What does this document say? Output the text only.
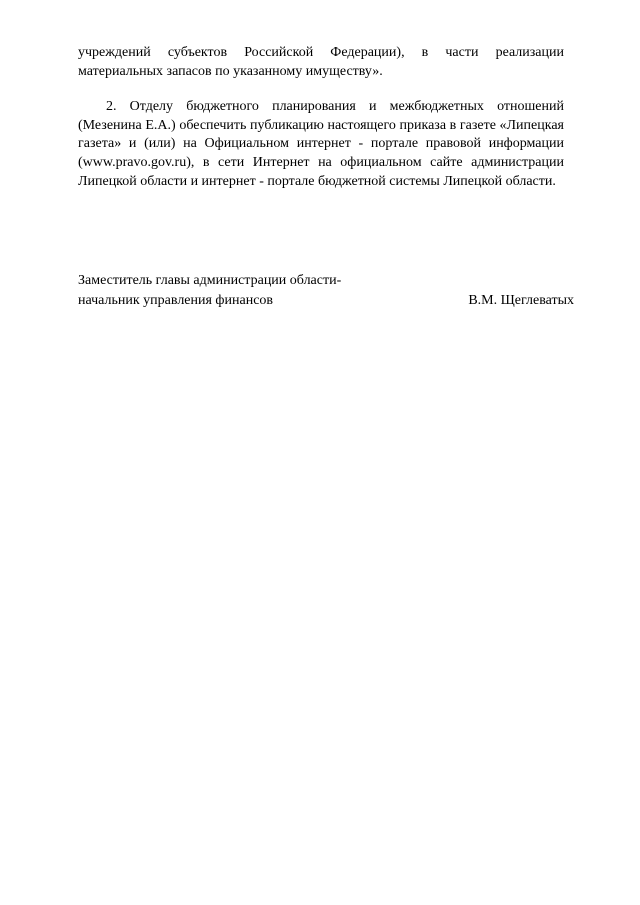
учреждений субъектов Российской Федерации), в части реализации материальных запасов по указанному имуществу».

2. Отделу бюджетного планирования и межбюджетных отношений (Мезенина Е.А.) обеспечить публикацию настоящего приказа в газете «Липецкая газета» и (или) на Официальном интернет - портале правовой информации (www.pravo.gov.ru), в сети Интернет на официальном сайте администрации Липецкой области и интернет - портале бюджетной системы Липецкой области.

Заместитель главы администрации области-
начальник управления финансов	В.М. Щеглеватых
